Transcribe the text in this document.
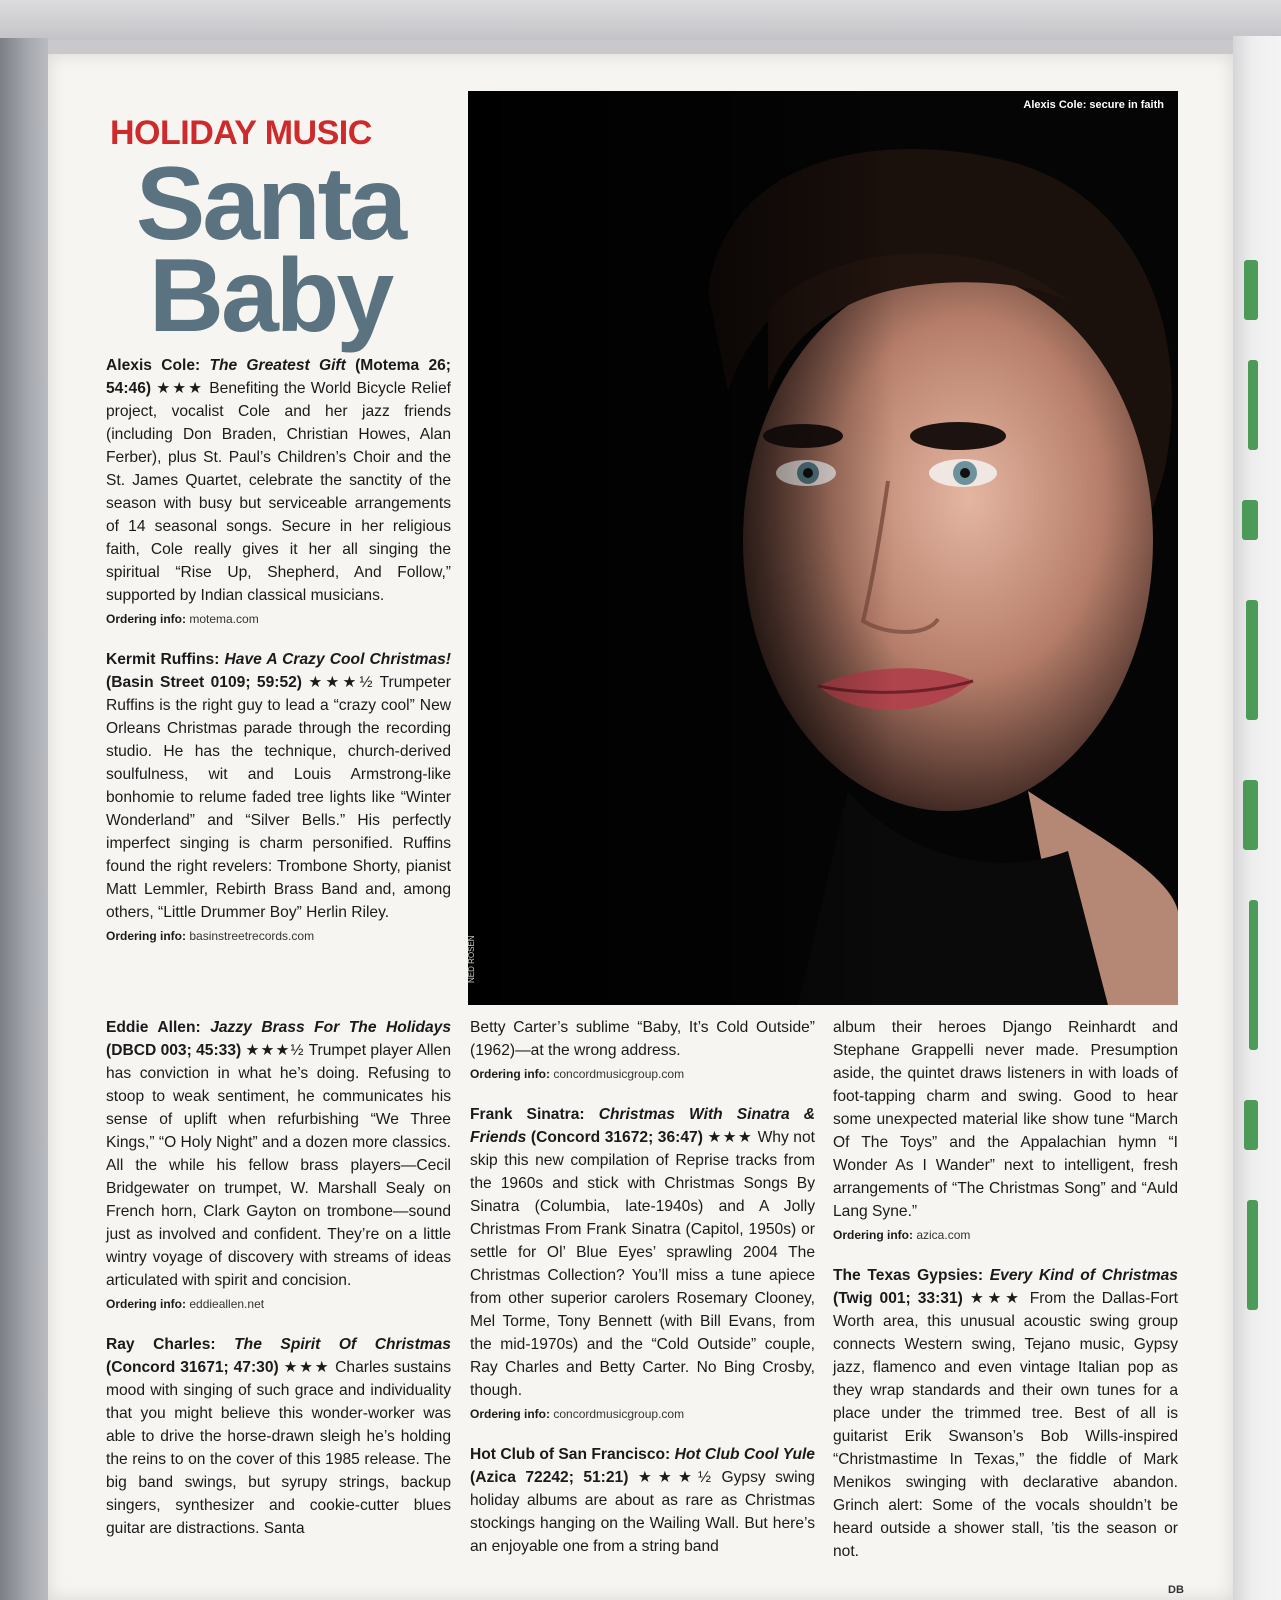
HOLIDAY MUSIC
Santa
Baby
Alexis Cole: secure in faith
NED ROSEN

Alexis Cole: The Greatest Gift (Motema 26; 54:46) ★★★ Benefiting the World Bicycle Relief project, vocalist Cole and her jazz friends (including Don Braden, Christian Howes, Alan Ferber), plus St. Paul’s Children’s Choir and the St. James Quartet, celebrate the sanctity of the season with busy but serviceable arrangements of 14 seasonal songs. Secure in her religious faith, Cole really gives it her all singing the spiritual “Rise Up, Shepherd, And Follow,” supported by Indian classical musicians.

Ordering info: motema.com

Kermit Ruffins: Have A Crazy Cool Christmas! (Basin Street 0109; 59:52) ★★★½ Trumpeter Ruffins is the right guy to lead a “crazy cool” New Orleans Christmas parade through the recording studio. He has the technique, church-derived soulfulness, wit and Louis Armstrong-like bonhomie to relume faded tree lights like “Winter Wonderland” and “Silver Bells.” His perfectly imperfect singing is charm personified. Ruffins found the right revelers: Trombone Shorty, pianist Matt Lemmler, Rebirth Brass Band and, among others, “Little Drummer Boy” Herlin Riley.

Ordering info: basinstreetrecords.com

Eddie Allen: Jazzy Brass For The Holidays (DBCD 003; 45:33) ★★★½ Trumpet player Allen has conviction in what he’s doing. Refusing to stoop to weak sentiment, he communicates his sense of uplift when refurbishing “We Three Kings,” “O Holy Night” and a dozen more classics. All the while his fellow brass players—Cecil Bridgewater on trumpet, W. Marshall Sealy on French horn, Clark Gayton on trombone—sound just as involved and confident. They’re on a little wintry voyage of discovery with streams of ideas articulated with spirit and concision.

Ordering info: eddieallen.net

Ray Charles: The Spirit Of Christmas (Concord 31671; 47:30) ★★★ Charles sustains mood with singing of such grace and individuality that you might believe this wonder-worker was able to drive the horse-drawn sleigh he’s holding the reins to on the cover of this 1985 release. The big band swings, but syrupy strings, backup singers, synthesizer and cookie-cutter blues guitar are distractions. Santa

Betty Carter’s sublime “Baby, It’s Cold Outside” (1962)—at the wrong address.

Ordering info: concordmusicgroup.com

Frank Sinatra: Christmas With Sinatra & Friends (Concord 31672; 36:47) ★★★ Why not skip this new compilation of Reprise tracks from the 1960s and stick with Christmas Songs By Sinatra (Columbia, late-1940s) and A Jolly Christmas From Frank Sinatra (Capitol, 1950s) or settle for Ol’ Blue Eyes’ sprawling 2004 The Christmas Collection? You’ll miss a tune apiece from other superior carolers Rosemary Clooney, Mel Torme, Tony Bennett (with Bill Evans, from the mid-1970s) and the “Cold Outside” couple, Ray Charles and Betty Carter. No Bing Crosby, though.

Ordering info: concordmusicgroup.com

Hot Club of San Francisco: Hot Club Cool Yule (Azica 72242; 51:21) ★★★½ Gypsy swing holiday albums are about as rare as Christmas stockings hanging on the Wailing Wall. But here’s an enjoyable one from a string band

album their heroes Django Reinhardt and Stephane Grappelli never made. Presumption aside, the quintet draws listeners in with loads of foot-tapping charm and swing. Good to hear some unexpected material like show tune “March Of The Toys” and the Appalachian hymn “I Wonder As I Wander” next to intelligent, fresh arrangements of “The Christmas Song” and “Auld Lang Syne.”

Ordering info: azica.com

The Texas Gypsies: Every Kind of Christmas (Twig 001; 33:31) ★★★ From the Dallas-Fort Worth area, this unusual acoustic swing group connects Western swing, Tejano music, Gypsy jazz, flamenco and even vintage Italian pop as they wrap standards and their own tunes for a place under the trimmed tree. Best of all is guitarist Erik Swanson’s Bob Wills-inspired “Christmastime In Texas,” the fiddle of Mark Menikos swinging with declarative abandon. Grinch alert: Some of the vocals shouldn’t be heard outside a shower stall, ’tis the season or not.

DB
